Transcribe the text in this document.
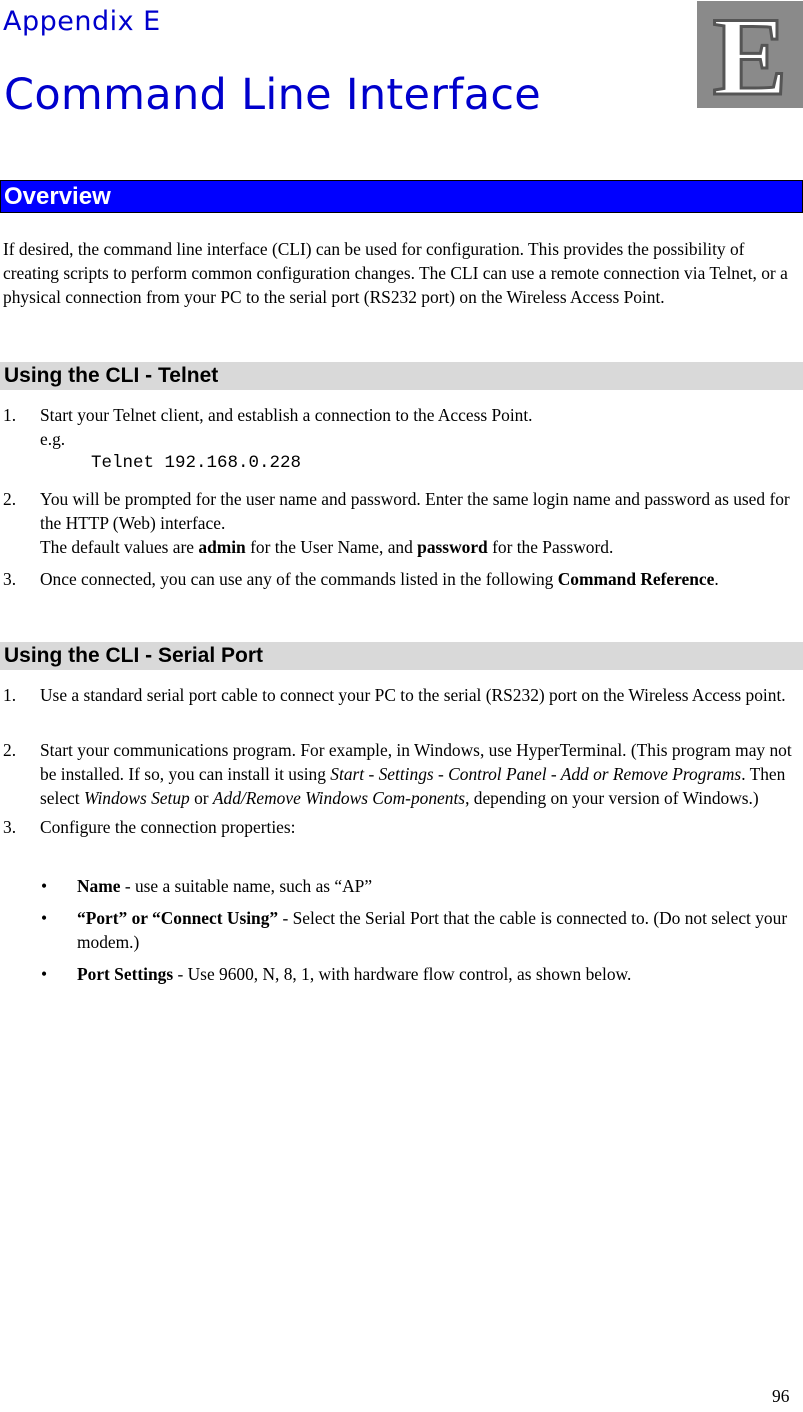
Appendix E
Command Line Interface E
Overview
If desired, the command line interface (CLI) can be used for configuration. This provides the possibility of creating scripts to perform common configuration changes. The CLI can use a remote connection via Telnet, or a physical connection from your PC to the serial port (RS232 port) on the Wireless Access Point.
Using the CLI - Telnet
1. Start your Telnet client, and establish a connection to the Access Point.
e.g.
Telnet 192.168.0.228
2. You will be prompted for the user name and password. Enter the same login name and password as used for the HTTP (Web) interface.
The default values are admin for the User Name, and password for the Password.
3. Once connected, you can use any of the commands listed in the following Command Reference.
Using the CLI - Serial Port
1. Use a standard serial port cable to connect your PC to the serial (RS232) port on the Wireless Access point.
2. Start your communications program. For example, in Windows, use HyperTerminal. (This program may not be installed. If so, you can install it using Start - Settings - Control Panel - Add or Remove Programs. Then select Windows Setup or Add/Remove Windows Com-ponents, depending on your version of Windows.)
3. Configure the connection properties:
• Name - use a suitable name, such as “AP”
• “Port” or “Connect Using” - Select the Serial Port that the cable is connected to. (Do not select your modem.)
• Port Settings - Use 9600, N, 8, 1, with hardware flow control, as shown below.
96
